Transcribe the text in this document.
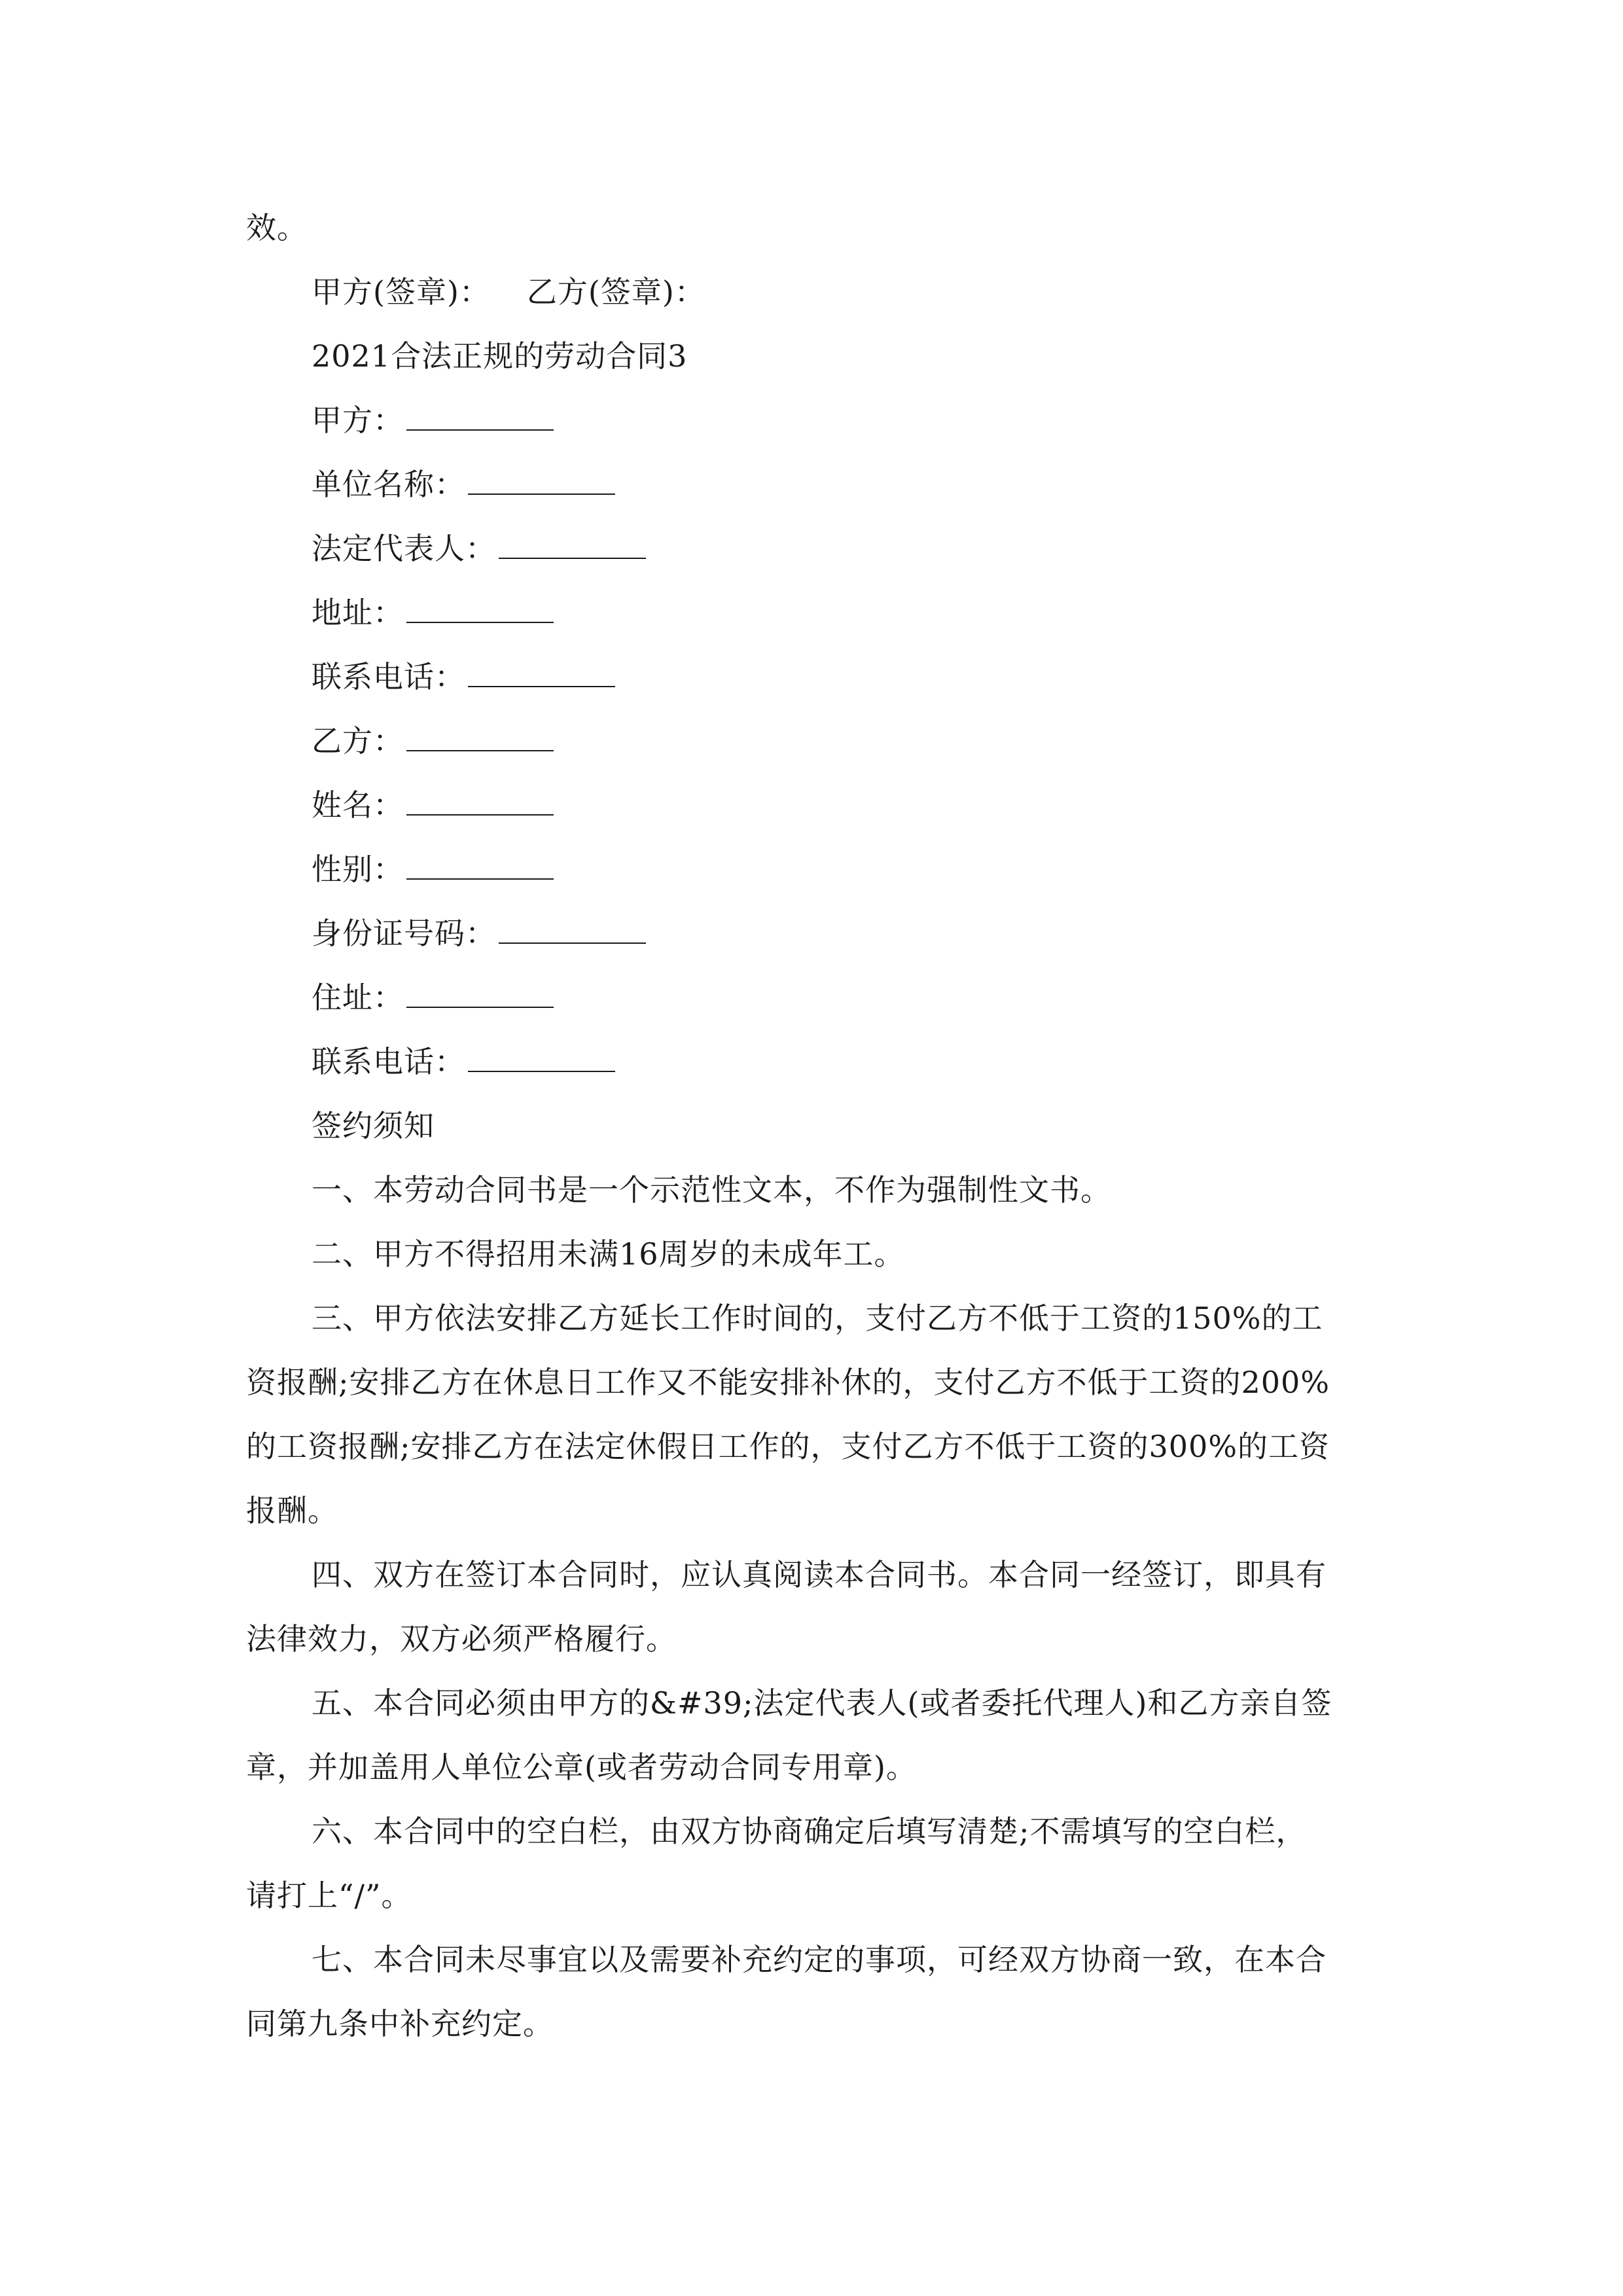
效。
甲方(签章)： 乙方(签章)：
2021合法正规的劳动合同3
甲方：
单位名称：
法定代表人：
地址：
联系电话：
乙方：
姓名：
性别：
身份证号码：
住址：
联系电话：
签约须知
一、本劳动合同书是一个示范性文本，不作为强制性文书。
二、甲方不得招用未满16周岁的未成年工。
三、甲方依法安排乙方延长工作时间的，支付乙方不低于工资的150%的工
资报酬;安排乙方在休息日工作又不能安排补休的，支付乙方不低于工资的200%
的工资报酬;安排乙方在法定休假日工作的，支付乙方不低于工资的300%的工资
报酬。
四、双方在签订本合同时，应认真阅读本合同书。本合同一经签订，即具有
法律效力，双方必须严格履行。
五、本合同必须由甲方的&#39;法定代表人(或者委托代理人)和乙方亲自签
章，并加盖用人单位公章(或者劳动合同专用章)。
六、本合同中的空白栏，由双方协商确定后填写清楚;不需填写的空白栏，
请打上“/”。
七、本合同未尽事宜以及需要补充约定的事项，可经双方协商一致，在本合
同第九条中补充约定。
